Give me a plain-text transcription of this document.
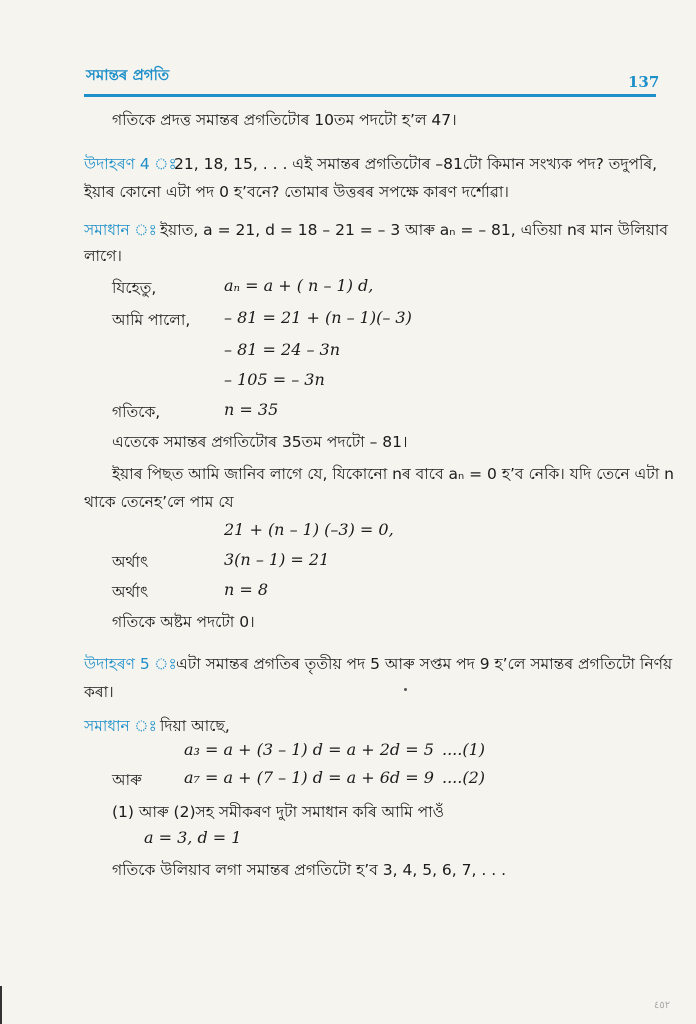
সমান্তৰ প্ৰগতি	137
গতিকে প্ৰদত্ত সমান্তৰ প্ৰগতিটোৰ 10তম পদটো হ’ল 47।
উদাহৰণ 4 ঃ
21, 18, 15, . . . এই সমান্তৰ প্ৰগতিটোৰ –81টো কিমান সংখ্যক পদ? তদুপৰি,
ইয়াৰ কোনো এটা পদ 0 হ’বনে? তোমাৰ উত্তৰৰ সপক্ষে কাৰণ দৰ্শোৱা।
সমাধান ঃ ইয়াত, a = 21, d = 18 – 21 = – 3 আৰু aₙ = – 81, এতিয়া nৰ মান উলিয়াব
লাগে।
যিহেতু,	aₙ = a + ( n – 1) d,
আমি পালো, – 81 = 21 + (n – 1)(– 3)
– 81 = 24 – 3n
– 105 = – 3n
গতিকে,	n = 35
এতেকে সমান্তৰ প্ৰগতিটোৰ 35তম পদটো – 81।
ইয়াৰ পিছত আমি জানিব লাগে যে, যিকোনো nৰ বাবে aₙ = 0 হ’ব নেকি। যদি তেনে এটা n
থাকে তেনেহ’লে পাম যে
21 + (n – 1) (–3) = 0,
অৰ্থাৎ	3(n – 1) = 21
অৰ্থাৎ	n = 8
গতিকে অষ্টম পদটো 0।
উদাহৰণ 5 ঃ এটা সমান্তৰ প্ৰগতিৰ তৃতীয় পদ 5 আৰু সপ্তম পদ 9 হ’লে সমান্তৰ প্ৰগতিটো নিৰ্ণয়
কৰা।
সমাধান ঃ দিয়া আছে,
a₃ = a + (3 – 1) d = a + 2d = 5 ....(1)
আৰু	a₇ = a + (7 – 1) d = a + 6d = 9 ....(2)
(1) আৰু (2)সহ সমীকৰণ দুটা সমাধান কৰি আমি পাওঁ
a = 3, d = 1
গতিকে উলিয়াব লগা সমান্তৰ প্ৰগতিটো হ’ব 3, 4, 5, 6, 7, . . .
٤٥٢
